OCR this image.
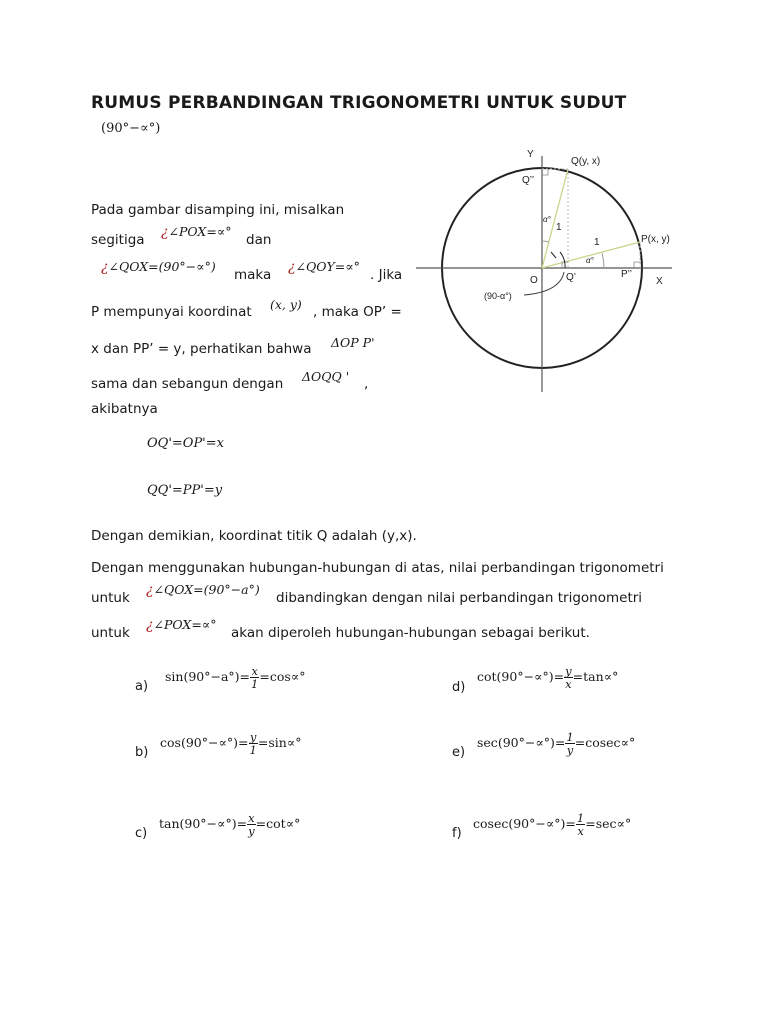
RUMUS PERBANDINGAN TRIGONOMETRI UNTUK SUDUT
(90°−∝°)
Pada gambar disamping ini, misalkan
segitiga ¿∠POX=∝°
dan
¿∠QOX=(90°−∝°)
maka ¿∠QOY=∝°
. Jika
P mempunyai koordinat (x, y) , maka OP’ =
x dan PP’ = y, perhatikan bahwa ΔOP P'
sama dan sebangun dengan ΔOQQ ' ,
akibatnya
OQ'=OP'=x
QQ'=PP'=y
Dengan demikian, koordinat titik Q adalah (y,x).
Dengan menggunakan hubungan-hubungan di atas, nilai perbandingan trigonometri
untuk ¿∠QOX=(90°−a°)
dibandingkan dengan nilai perbandingan trigonometri
untuk ¿∠POX=∝°
akan diperoleh hubungan-hubungan sebagai berikut.
a)
$\sin(90^\circ-a^\circ)= \frac{x}{1} =\cos\propto^\circ$
b)
$\cos(90^\circ-\propto^\circ)= \frac{y}{1} =\sin\propto^\circ$
c)
$\tan(90^\circ-\propto^\circ)= \frac{x}{y} =\cot\propto^\circ$
d)
$\cot(90^\circ-\propto^\circ)= \frac{y}{x} =\tan\propto^\circ$
e)
$\sec(90^\circ-\propto^\circ)= \frac{1}{y} =cosec\propto^\circ$
f)
$cosec(90^\circ-\propto^\circ)= \frac{1}{x} =\sec\propto^\circ$
Y
X
O
Q(y, x)
Q’’
Q’
P(x, y)
P’’
1
1
α°
α°
(90-α°)
